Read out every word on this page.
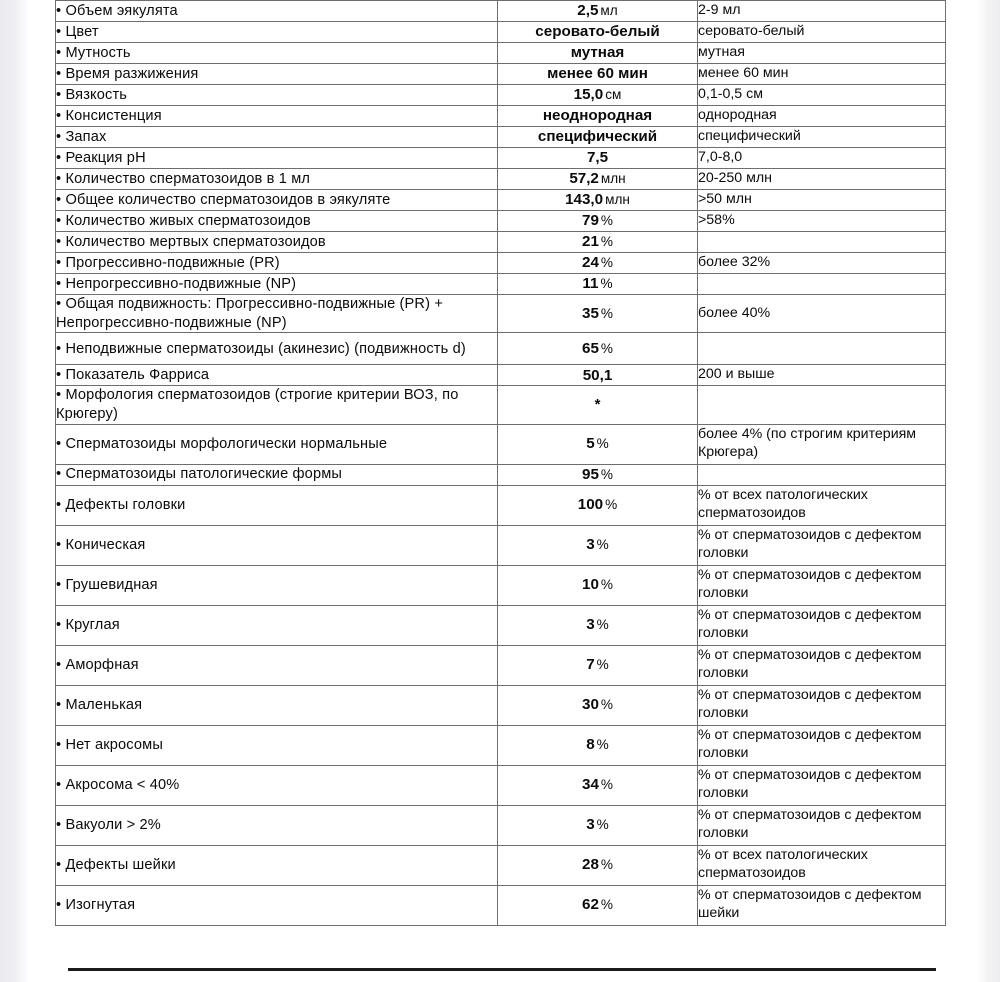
• Объем эякулята	2,5 мл	2-9 мл
• Цвет	серовато-белый	серовато-белый
• Мутность	мутная	мутная
• Время разжижения	менее 60 мин	менее 60 мин
• Вязкость	15,0 см	0,1-0,5 см
• Консистенция	неоднородная	однородная
• Запах	специфический	специфический
• Реакция pH	7,5	7,0-8,0
• Количество сперматозоидов в 1 мл	57,2 млн	20-250 млн
• Общее количество сперматозоидов в эякуляте	143,0 млн	>50 млн
• Количество живых сперматозоидов	79 %	>58%
• Количество мертвых сперматозоидов	21 %	
• Прогрессивно-подвижные (PR)	24 %	более 32%
• Непрогрессивно-подвижные (NP)	11 %	
• Общая подвижность: Прогрессивно-подвижные (PR) + Непрогрессивно-подвижные (NP)	35 %	более 40%
• Неподвижные сперматозоиды (акинезис) (подвижность d)	65 %	
• Показатель Фарриса	50,1	200 и выше
• Морфология сперматозоидов (строгие критерии ВОЗ, по Крюгеру)	*	
• Сперматозоиды морфологически нормальные	5 %	более 4% (по строгим критериям Крюгера)
• Сперматозоиды патологические формы	95 %	
• Дефекты головки	100 %	% от всех патологических сперматозоидов
• Коническая	3 %	% от сперматозоидов с дефектом головки
• Грушевидная	10 %	% от сперматозоидов с дефектом головки
• Круглая	3 %	% от сперматозоидов с дефектом головки
• Аморфная	7 %	% от сперматозоидов с дефектом головки
• Маленькая	30 %	% от сперматозоидов с дефектом головки
• Нет акросомы	8 %	% от сперматозоидов с дефектом головки
• Акросома < 40%	34 %	% от сперматозоидов с дефектом головки
• Вакуоли > 2%	3 %	% от сперматозоидов с дефектом головки
• Дефекты шейки	28 %	% от всех патологических сперматозоидов
• Изогнутая	62 %	% от сперматозоидов с дефектом шейки
